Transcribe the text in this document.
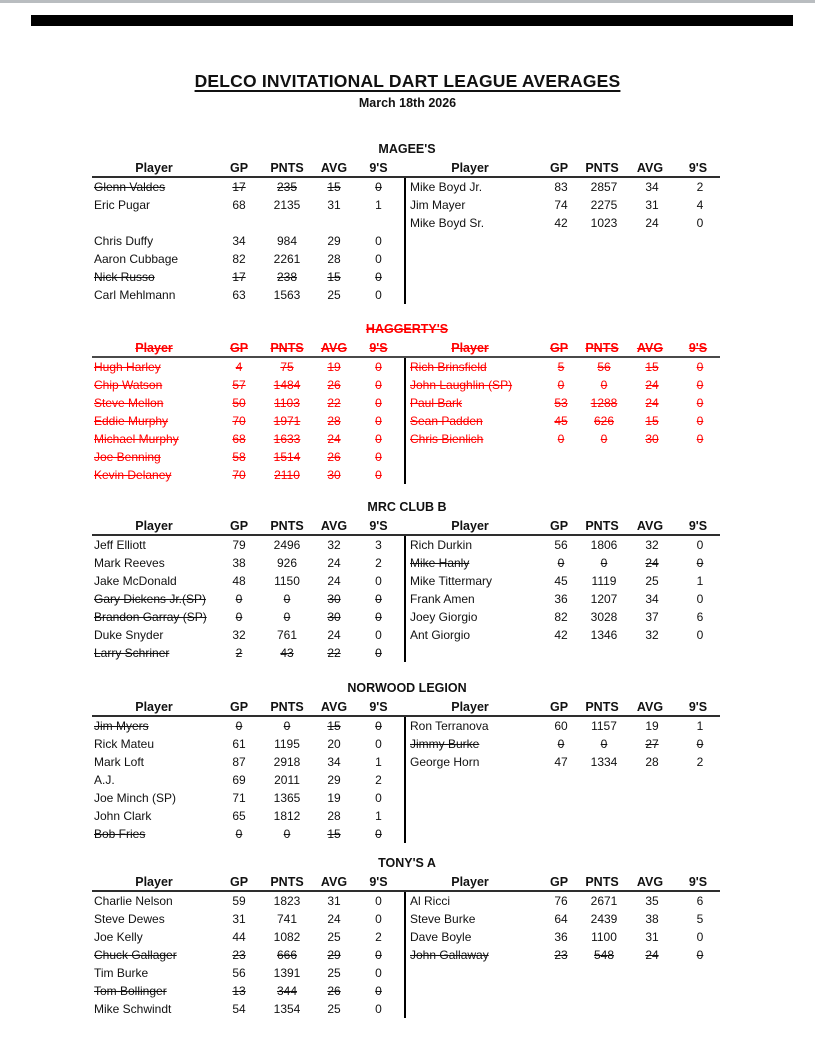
DELCO INVITATIONAL DART LEAGUE AVERAGES
March 18th 2026
MAGEE'S
Player	GP	PNTS	AVG	9'S
Glenn Valdes	17	235	15	0
Eric Pugar	68	2135	31	1
Chris Duffy	34	984	29	0
Aaron Cubbage	82	2261	28	0
Nick Russo	17	238	15	0
Carl Mehlmann	63	1563	25	0
Player	GP	PNTS	AVG	9'S
Mike Boyd Jr.	83	2857	34	2
Jim Mayer	74	2275	31	4
Mike Boyd Sr.	42	1023	24	0
HAGGERTY'S
Player	GP	PNTS	AVG	9'S
Hugh Harley	4	75	19	0
Chip Watson	57	1484	26	0
Steve Mellon	50	1103	22	0
Eddie Murphy	70	1971	28	0
Michael Murphy	68	1633	24	0
Joe Benning	58	1514	26	0
Kevin Delaney	70	2110	30	0
Player	GP	PNTS	AVG	9'S
Rich Brinsfield	5	56	15	0
John Laughlin (SP)	0	0	24	0
Paul Bark	53	1288	24	0
Sean Padden	45	626	15	0
Chris Bienlich	0	0	30	0
MRC CLUB B
Player	GP	PNTS	AVG	9'S
Jeff Elliott	79	2496	32	3
Mark Reeves	38	926	24	2
Jake McDonald	48	1150	24	0
Gary Dickens Jr.(SP)	0	0	30	0
Brandon Garray (SP)	0	0	30	0
Duke Snyder	32	761	24	0
Larry Schriner	2	43	22	0
Player	GP	PNTS	AVG	9'S
Rich Durkin	56	1806	32	0
Mike Hanly	0	0	24	0
Mike Tittermary	45	1119	25	1
Frank Amen	36	1207	34	0
Joey Giorgio	82	3028	37	6
Ant Giorgio	42	1346	32	0
NORWOOD LEGION
Player	GP	PNTS	AVG	9'S
Jim Myers	0	0	15	0
Rick Mateu	61	1195	20	0
Mark Loft	87	2918	34	1
A.J.	69	2011	29	2
Joe Minch (SP)	71	1365	19	0
John Clark	65	1812	28	1
Bob Fries	0	0	15	0
Player	GP	PNTS	AVG	9'S
Ron Terranova	60	1157	19	1
Jimmy Burke	0	0	27	0
George Horn	47	1334	28	2
TONY'S A
Player	GP	PNTS	AVG	9'S
Charlie Nelson	59	1823	31	0
Steve Dewes	31	741	24	0
Joe Kelly	44	1082	25	2
Chuck Gallager	23	666	29	0
Tim Burke	56	1391	25	0
Tom Bollinger	13	344	26	0
Mike Schwindt	54	1354	25	0
Player	GP	PNTS	AVG	9'S
Al Ricci	76	2671	35	6
Steve Burke	64	2439	38	5
Dave Boyle	36	1100	31	0
John Gallaway	23	548	24	0
